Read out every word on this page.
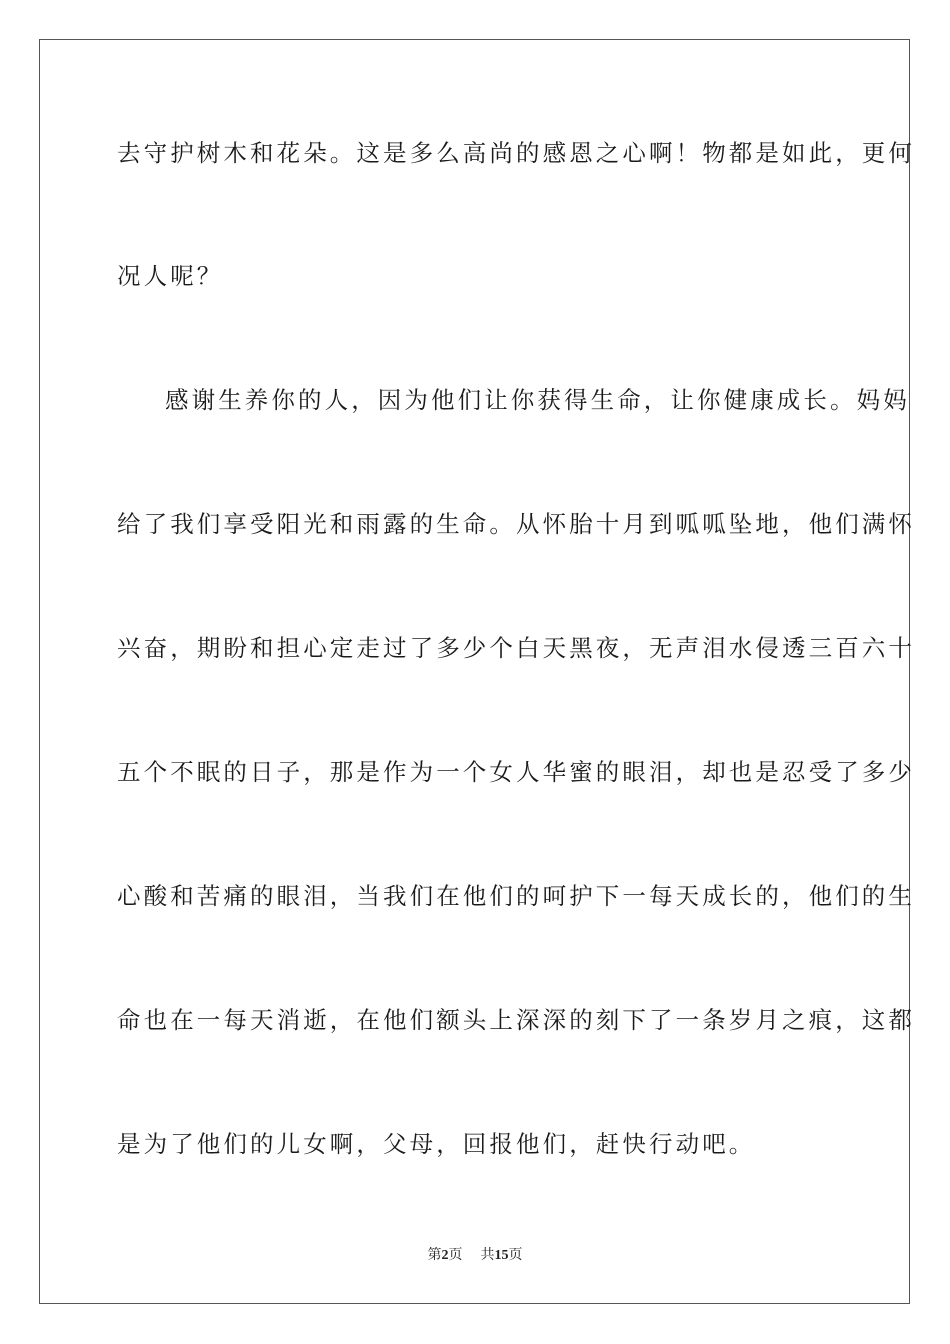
去守护树木和花朵。这是多么高尚的感恩之心啊！物都是如此，更何
况人呢？
感谢生养你的人，因为他们让你获得生命，让你健康成长。妈妈
给了我们享受阳光和雨露的生命。从怀胎十月到呱呱坠地，他们满怀
兴奋，期盼和担心定走过了多少个白天黑夜，无声泪水侵透三百六十
五个不眠的日子，那是作为一个女人华蜜的眼泪，却也是忍受了多少
心酸和苦痛的眼泪，当我们在他们的呵护下一每天成长的，他们的生
命也在一每天消逝，在他们额头上深深的刻下了一条岁月之痕，这都
是为了他们的儿女啊，父母，回报他们，赶快行动吧。
第2页 共15页
